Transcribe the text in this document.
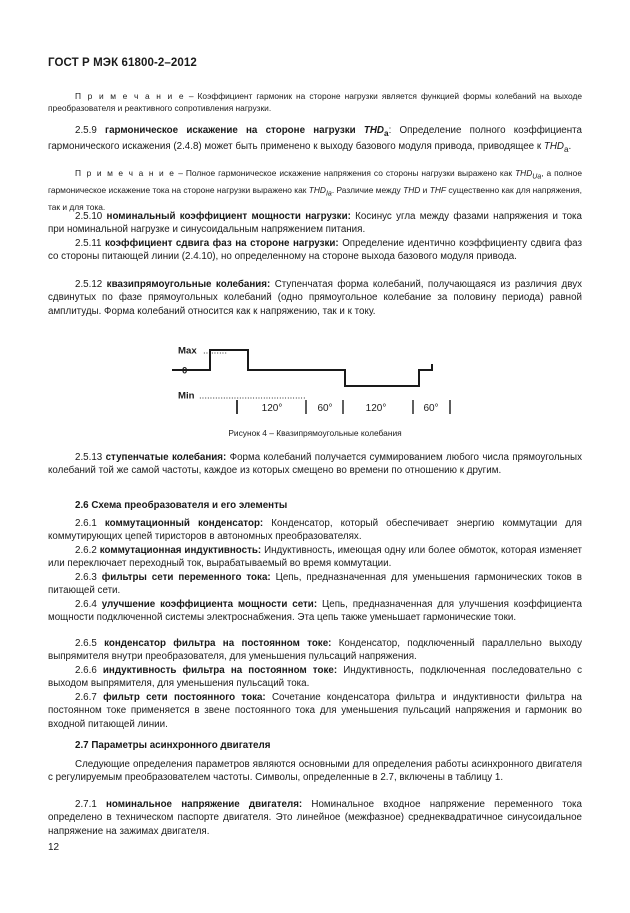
ГОСТ Р МЭК 61800-2–2012
П р и м е ч а н и е – Коэффициент гармоник на стороне нагрузки является функцией формы колебаний на выходе преобразователя и реактивного сопротивления нагрузки.
2.5.9 гармоническое искажение на стороне нагрузки $THD_a$: Определение полного коэффициента гармонического искажения (2.4.8) может быть применено к выходу базового модуля привода, приводящее к $THD_a$.
П р и м е ч а н и е – Полное гармоническое искажение напряжения со стороны нагрузки выражено как $THD_{Ua}$, а полное гармоническое искажение тока на стороне нагрузки выражено как $THD_{Ia}$. Различие между THD и THF существенно как для напряжения, так и для тока.
2.5.10 номинальный коэффициент мощности нагрузки: Косинус угла между фазами напряжения и тока при номинальной нагрузке и синусоидальным напряжением питания.
2.5.11 коэффициент сдвига фаз на стороне нагрузки: Определение идентично коэффициенту сдвига фаз со стороны питающей линии (2.4.10), но определенному на стороне выхода базового модуля привода.
2.5.12 квазипрямоугольные колебания: Ступенчатая форма колебаний, получающаяся из различия двух сдвинутых по фазе прямоугольных колебаний (одно прямоугольное колебание за половину периода) равной амплитуды. Форма колебаний относится как к напряжению, так и к току.
Max .........
0
Min ........................................
120°	60°	120°	60°
Рисунок 4 – Квазипрямоугольные колебания
2.5.13 ступенчатые колебания: Форма колебаний получается суммированием любого числа прямоугольных колебаний той же самой частоты, каждое из которых смещено во времени по отношению к другим.
2.6 Схема преобразователя и его элементы
2.6.1 коммутационный конденсатор: Конденсатор, который обеспечивает энергию коммутации для коммутирующих цепей тиристоров в автономных преобразователях.
2.6.2 коммутационная индуктивность: Индуктивность, имеющая одну или более обмоток, которая изменяет или переключает переходный ток, вырабатываемый во время коммутации.
2.6.3 фильтры сети переменного тока: Цепь, предназначенная для уменьшения гармонических токов в питающей сети.
2.6.4 улучшение коэффициента мощности сети: Цепь, предназначенная для улучшения коэффициента мощности подключенной системы электроснабжения. Эта цепь также уменьшает гармонические токи.
2.6.5 конденсатор фильтра на постоянном токе: Конденсатор, подключенный параллельно выходу выпрямителя внутри преобразователя, для уменьшения пульсаций напряжения.
2.6.6 индуктивность фильтра на постоянном токе: Индуктивность, подключенная последовательно с выходом выпрямителя, для уменьшения пульсаций тока.
2.6.7 фильтр сети постоянного тока: Сочетание конденсатора фильтра и индуктивности фильтра на постоянном токе применяется в звене постоянного тока для уменьшения пульсаций напряжения и гармоник во входной питающей линии.
2.7 Параметры асинхронного двигателя
Следующие определения параметров являются основными для определения работы асинхронного двигателя с регулируемым преобразователем частоты. Символы, определенные в 2.7, включены в таблицу 1.
2.7.1 номинальное напряжение двигателя: Номинальное входное напряжение переменного тока определено в техническом паспорте двигателя. Это линейное (межфазное) среднеквадратичное синусоидальное напряжение на зажимах двигателя.
12
